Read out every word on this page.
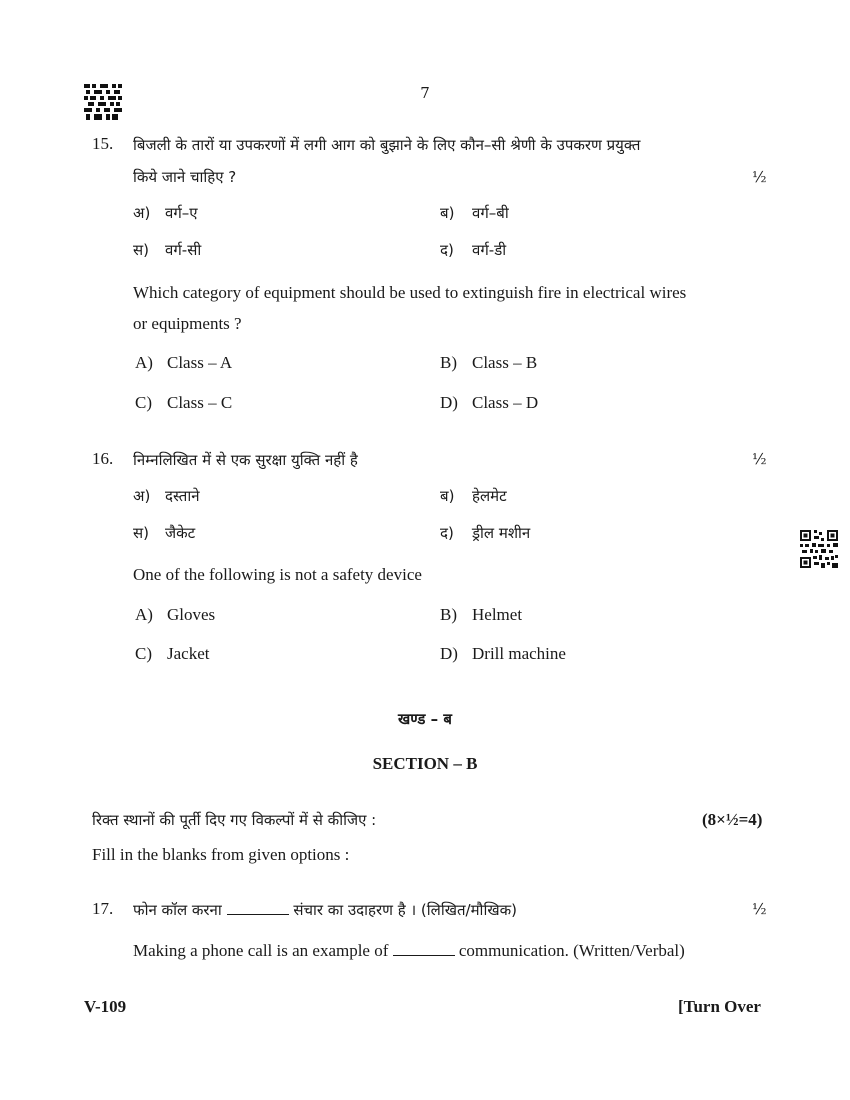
7
15. बिजली के तारों या उपकरणों में लगी आग को बुझाने के लिए कौन–सी श्रेणी के उपकरण प्रयुक्त
किये जाने चाहिए ?	½
अ) वर्ग–ए	ब) वर्ग–बी
स) वर्ग-सी	द) वर्ग-डी
Which category of equipment should be used to extinguish fire in electrical wires
or equipments ?
A) Class – A	B) Class – B
C) Class – C	D) Class – D
16. निम्नलिखित में से एक सुरक्षा युक्ति नहीं है	½
अ) दस्ताने	ब) हेलमेट
स) जैकेट	द) ड्रील मशीन
One of the following is not a safety device
A) Gloves	B) Helmet
C) Jacket	D) Drill machine
खण्ड – ब
SECTION – B
रिक्त स्थानों की पूर्ती दिए गए विकल्पों में से कीजिए :	(8×½=4)
Fill in the blanks from given options :
17. फोन कॉल करना	संचार का उदाहरण है । (लिखित/मौखिक)	½
Making a phone call is an example of	communication. (Written/Verbal)
V-109	[Turn Over
